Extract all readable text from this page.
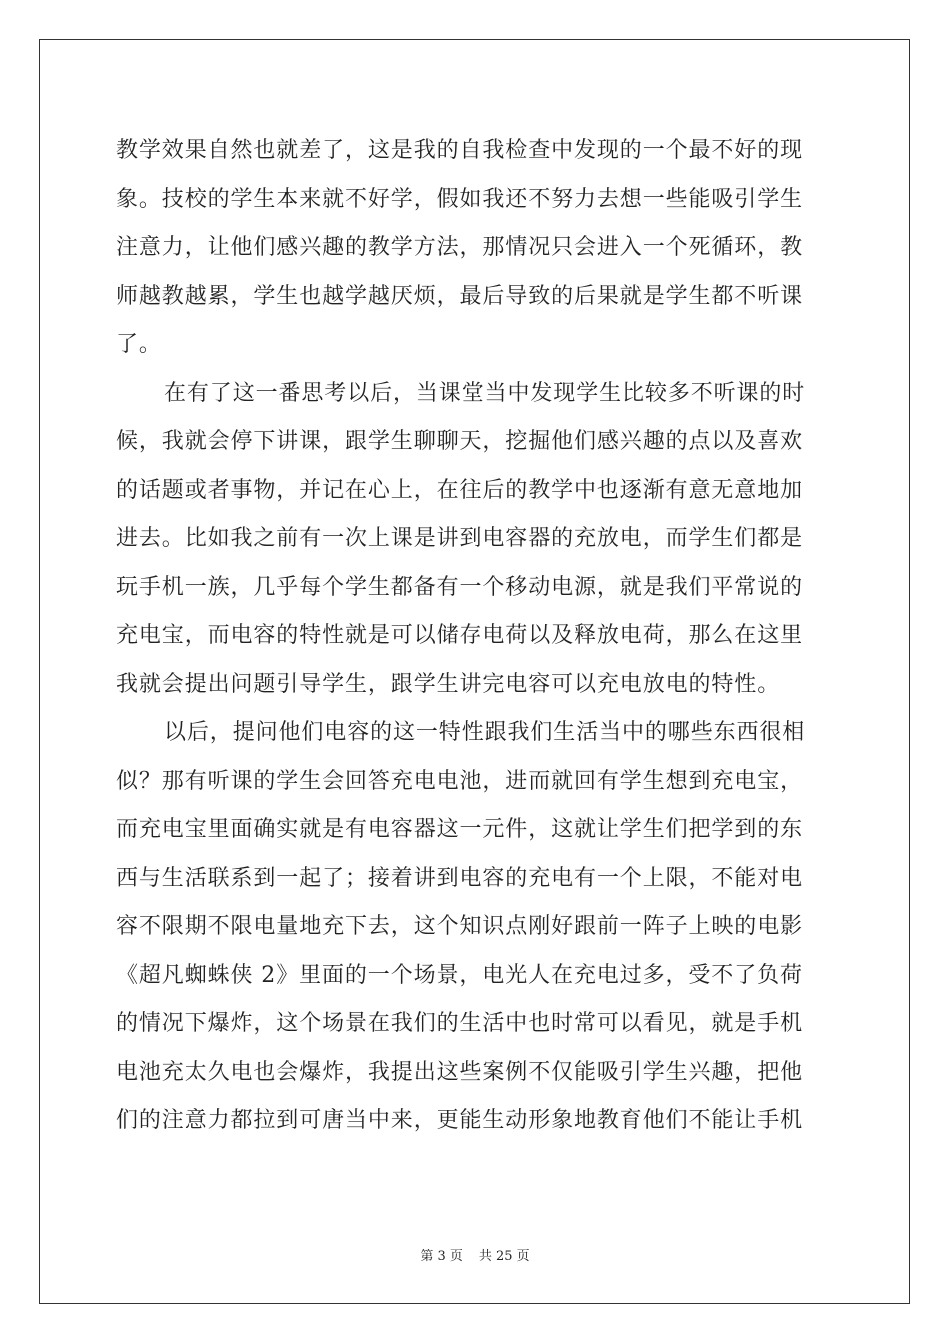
教学效果自然也就差了，这是我的自我检查中发现的一个最不好的现
象。技校的学生本来就不好学，假如我还不努力去想一些能吸引学生
注意力，让他们感兴趣的教学方法，那情况只会进入一个死循环，教
师越教越累，学生也越学越厌烦，最后导致的后果就是学生都不听课
了。
在有了这一番思考以后，当课堂当中发现学生比较多不听课的时
候，我就会停下讲课，跟学生聊聊天，挖掘他们感兴趣的点以及喜欢
的话题或者事物，并记在心上，在往后的教学中也逐渐有意无意地加
进去。比如我之前有一次上课是讲到电容器的充放电，而学生们都是
玩手机一族，几乎每个学生都备有一个移动电源，就是我们平常说的
充电宝，而电容的特性就是可以储存电荷以及释放电荷，那么在这里
我就会提出问题引导学生，跟学生讲完电容可以充电放电的特性。
以后，提问他们电容的这一特性跟我们生活当中的哪些东西很相
似？那有听课的学生会回答充电电池，进而就回有学生想到充电宝，
而充电宝里面确实就是有电容器这一元件，这就让学生们把学到的东
西与生活联系到一起了；接着讲到电容的充电有一个上限，不能对电
容不限期不限电量地充下去，这个知识点刚好跟前一阵子上映的电影
《超凡蜘蛛侠 2》里面的一个场景，电光人在充电过多，受不了负荷
的情况下爆炸，这个场景在我们的生活中也时常可以看见，就是手机
电池充太久电也会爆炸，我提出这些案例不仅能吸引学生兴趣，把他
们的注意力都拉到可唐当中来，更能生动形象地教育他们不能让手机
第 3 页 共 25 页
